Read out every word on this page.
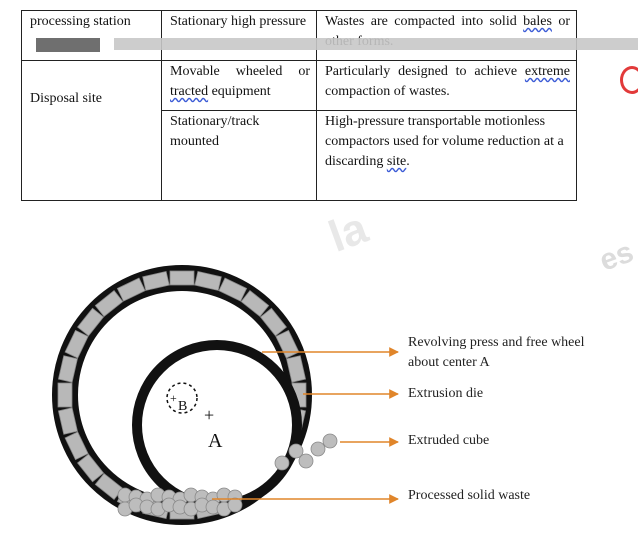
la	es
processing station	Stationary high pressure	Wastes are compacted into solid bales or
Disposal site	Movable wheeled or tracted equipment	Particularly designed to achieve extreme compaction of wastes.
	Stationary/track mounted	High-pressure transportable motionless compactors used for volume reduction at a discarding site.
B
+
+
A
Revolving press and free wheel about center A
Extrusion die
Extruded cube
Processed solid waste
